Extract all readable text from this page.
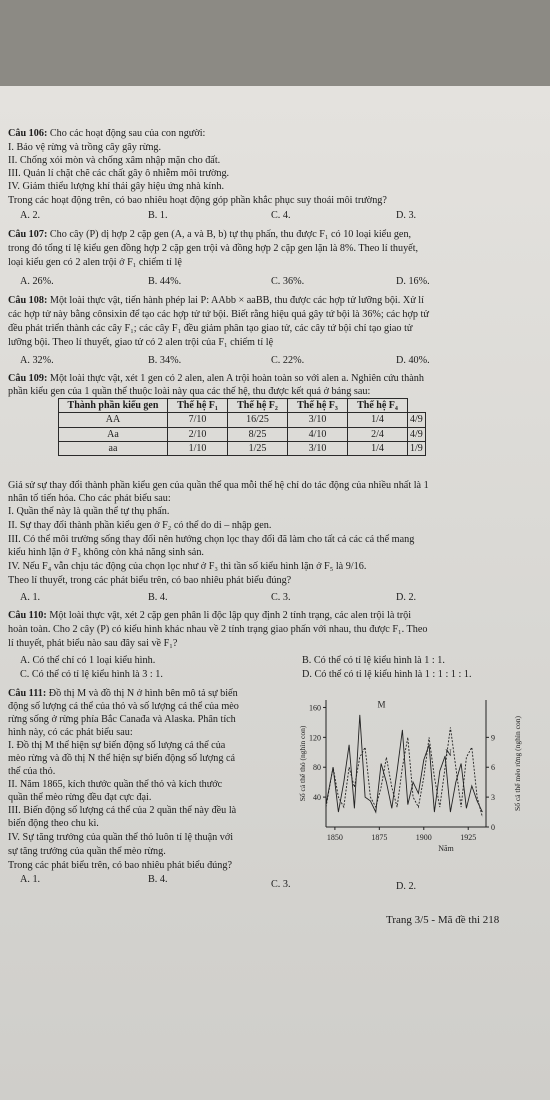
Câu 106: Cho các hoạt động sau của con người:
I. Bảo vệ rừng và trồng cây gây rừng.
II. Chống xói mòn và chống xâm nhập mặn cho đất.
III. Quản lí chặt chẽ các chất gây ô nhiễm môi trường.
IV. Giảm thiểu lượng khí thải gây hiệu ứng nhà kính.
Trong các hoạt động trên, có bao nhiêu hoạt động góp phần khắc phục suy thoái môi trường?
A. 2.	B. 1.	C. 4.	D. 3.
Câu 107: Cho cây (P) dị hợp 2 cặp gen (A, a và B, b) tự thụ phấn, thu được F₁ có 10 loại kiểu gen,
trong đó tổng tỉ lệ kiểu gen đồng hợp 2 cặp gen trội và đồng hợp 2 cặp gen lặn là 8%. Theo lí thuyết,
loại kiểu gen có 2 alen trội ở F₁ chiếm tỉ lệ
A. 26%.	B. 44%.	C. 36%.	D. 16%.
Câu 108: Một loài thực vật, tiến hành phép lai P: AAbb × aaBB, thu được các hợp tử lưỡng bội. Xử lí
các hợp tử này bằng cônsixin để tạo các hợp tử tứ bội. Biết rằng hiệu quả gây tứ bội là 36%; các hợp tử
đều phát triển thành các cây F₁; các cây F₁ đều giảm phân tạo giao tử, các cây tứ bội chỉ tạo giao tử
lưỡng bội. Theo lí thuyết, giao tử có 2 alen trội của F₁ chiếm tỉ lệ
A. 32%.	B. 34%.	C. 22%.	D. 40%.
Câu 109: Một loài thực vật, xét 1 gen có 2 alen, alen A trội hoàn toàn so với alen a. Nghiên cứu thành
phần kiểu gen của 1 quần thể thuộc loài này qua các thế hệ, thu được kết quả ở bảng sau:
Thành phần kiểu gen	Thế hệ F₁	Thế hệ F₂	Thế hệ F₃	Thế hệ F₄	
AA	7/10	16/25	3/10	1/4	4/9
Aa	2/10	8/25	4/10	2/4	4/9
aa	1/10	1/25	3/10	1/4	1/9
Giả sử sự thay đổi thành phần kiểu gen của quần thể qua mỗi thế hệ chỉ do tác động của nhiều nhất là 1
nhân tố tiến hóa. Cho các phát biểu sau:
I. Quần thể này là quần thể tự thụ phấn.
II. Sự thay đổi thành phần kiểu gen ở F₂ có thể do di – nhập gen.
III. Có thể môi trường sống thay đổi nên hướng chọn lọc thay đổi đã làm cho tất cả các cá thể mang
kiểu hình lặn ở F₃ không còn khả năng sinh sản.
IV. Nếu F₄ vẫn chịu tác động của chọn lọc như ở F₃ thì tần số kiểu hình lặn ở F₅ là 9/16.
Theo lí thuyết, trong các phát biểu trên, có bao nhiêu phát biểu đúng?
A. 1.	B. 4.	C. 3.	D. 2.
Câu 110: Một loài thực vật, xét 2 cặp gen phân li độc lập quy định 2 tính trạng, các alen trội là trội
hoàn toàn. Cho 2 cây (P) có kiểu hình khác nhau về 2 tính trạng giao phấn với nhau, thu được F₁. Theo
lí thuyết, phát biểu nào sau đây sai về F₁?
A. Có thể chỉ có 1 loại kiểu hình.	B. Có thể có tỉ lệ kiểu hình là 1 : 1.
C. Có thể có tỉ lệ kiểu hình là 3 : 1.	D. Có thể có tỉ lệ kiểu hình là 1 : 1 : 1 : 1.
Câu 111: Đồ thị M và đồ thị N ở hình bên mô tả sự biến
động số lượng cá thể của thỏ và số lượng cá thể của mèo
rừng sống ở rừng phía Bắc Canađa và Alaska. Phân tích
hình này, có các phát biểu sau:
I. Đồ thị M thể hiện sự biến động số lượng cá thể của
mèo rừng và đồ thị N thể hiện sự biến động số lượng cá
thể của thỏ.
II. Năm 1865, kích thước quần thể thỏ và kích thước
quần thể mèo rừng đều đạt cực đại.
III. Biến động số lượng cá thể của 2 quần thể này đều là
biến động theo chu kì.
IV. Sự tăng trưởng của quần thể thỏ luôn tỉ lệ thuận với
sự tăng trưởng của quần thể mèo rừng.
Trong các phát biểu trên, có bao nhiêu phát biểu đúng?
A. 1.	B. 4.	C. 3.	D. 2.
40
80
120
160
0
3
6
9
1850	1875	1900	1925
Năm
Số cá thể thỏ (nghìn con)	Số cá thể mèo rừng (nghìn con)
M
N
Trang 3/5 - Mã đề thi 218
